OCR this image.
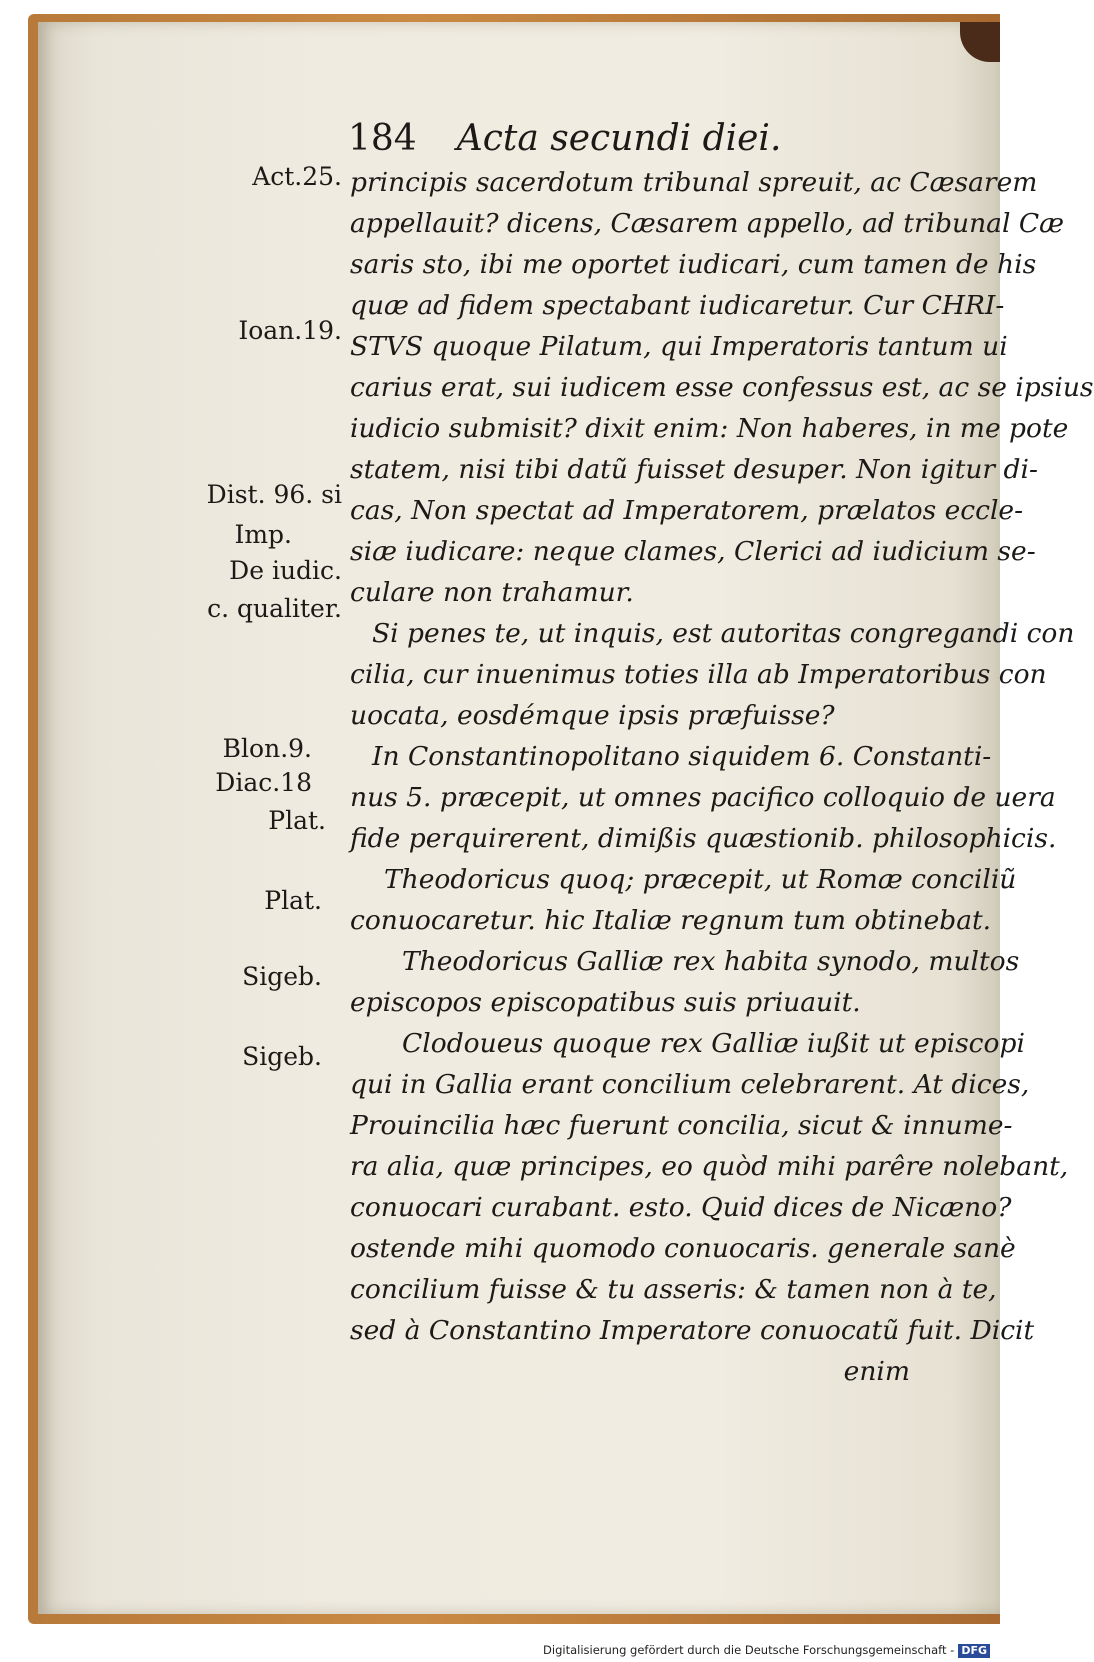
184 Acta secundi diei.
principis sacerdotum tribunal spreuit, ac Cæsarem
appellauit? dicens, Cæsarem appello, ad tribunal Cæ
saris sto, ibi me oportet iudicari, cum tamen de his
quæ ad fidem spectabant iudicaretur. Cur CHRI-
STVS quoque Pilatum, qui Imperatoris tantum ui
carius erat, sui iudicem esse confessus est, ac se ipsius
iudicio submisit? dixit enim: Non haberes, in me pote
statem, nisi tibi datũ fuisset desuper. Non igitur di-
cas, Non spectat ad Imperatorem, prælatos eccle-
siæ iudicare: neque clames, Clerici ad iudicium se-
culare non trahamur.
Si penes te, ut inquis, est autoritas congregandi con
cilia, cur inuenimus toties illa ab Imperatoribus con
uocata, eosdémque ipsis præfuisse?
In Constantinopolitano siquidem 6. Constanti-
nus 5. præcepit, ut omnes pacifico colloquio de uera
fide perquirerent, dimißis quæstionib. philosophicis.
Theodoricus quoq; præcepit, ut Romæ conciliũ
conuocaretur. hic Italiæ regnum tum obtinebat.
Theodoricus Galliæ rex habita synodo, multos
episcopos episcopatibus suis priuauit.
Clodoueus quoque rex Galliæ iußit ut episcopi
qui in Gallia erant concilium celebrarent. At dices,
Prouincilia hæc fuerunt concilia, sicut & innume-
ra alia, quæ principes, eo quòd mihi parêre nolebant,
conuocari curabant. esto. Quid dices de Nicæno?
ostende mihi quomodo conuocaris. generale sanè
concilium fuisse & tu asseris: & tamen non à te,
sed à Constantino Imperatore conuocatũ fuit. Dicit
enim
Act.25.
Ioan.19.
Dist. 96. si
Imp.
De iudic.
c. qualiter.
Blon.9.
Diac.18
Plat.
Plat.
Sigeb.
Sigeb.
Digitalisierung gefördert durch die Deutsche Forschungsgemeinschaft - DFG
